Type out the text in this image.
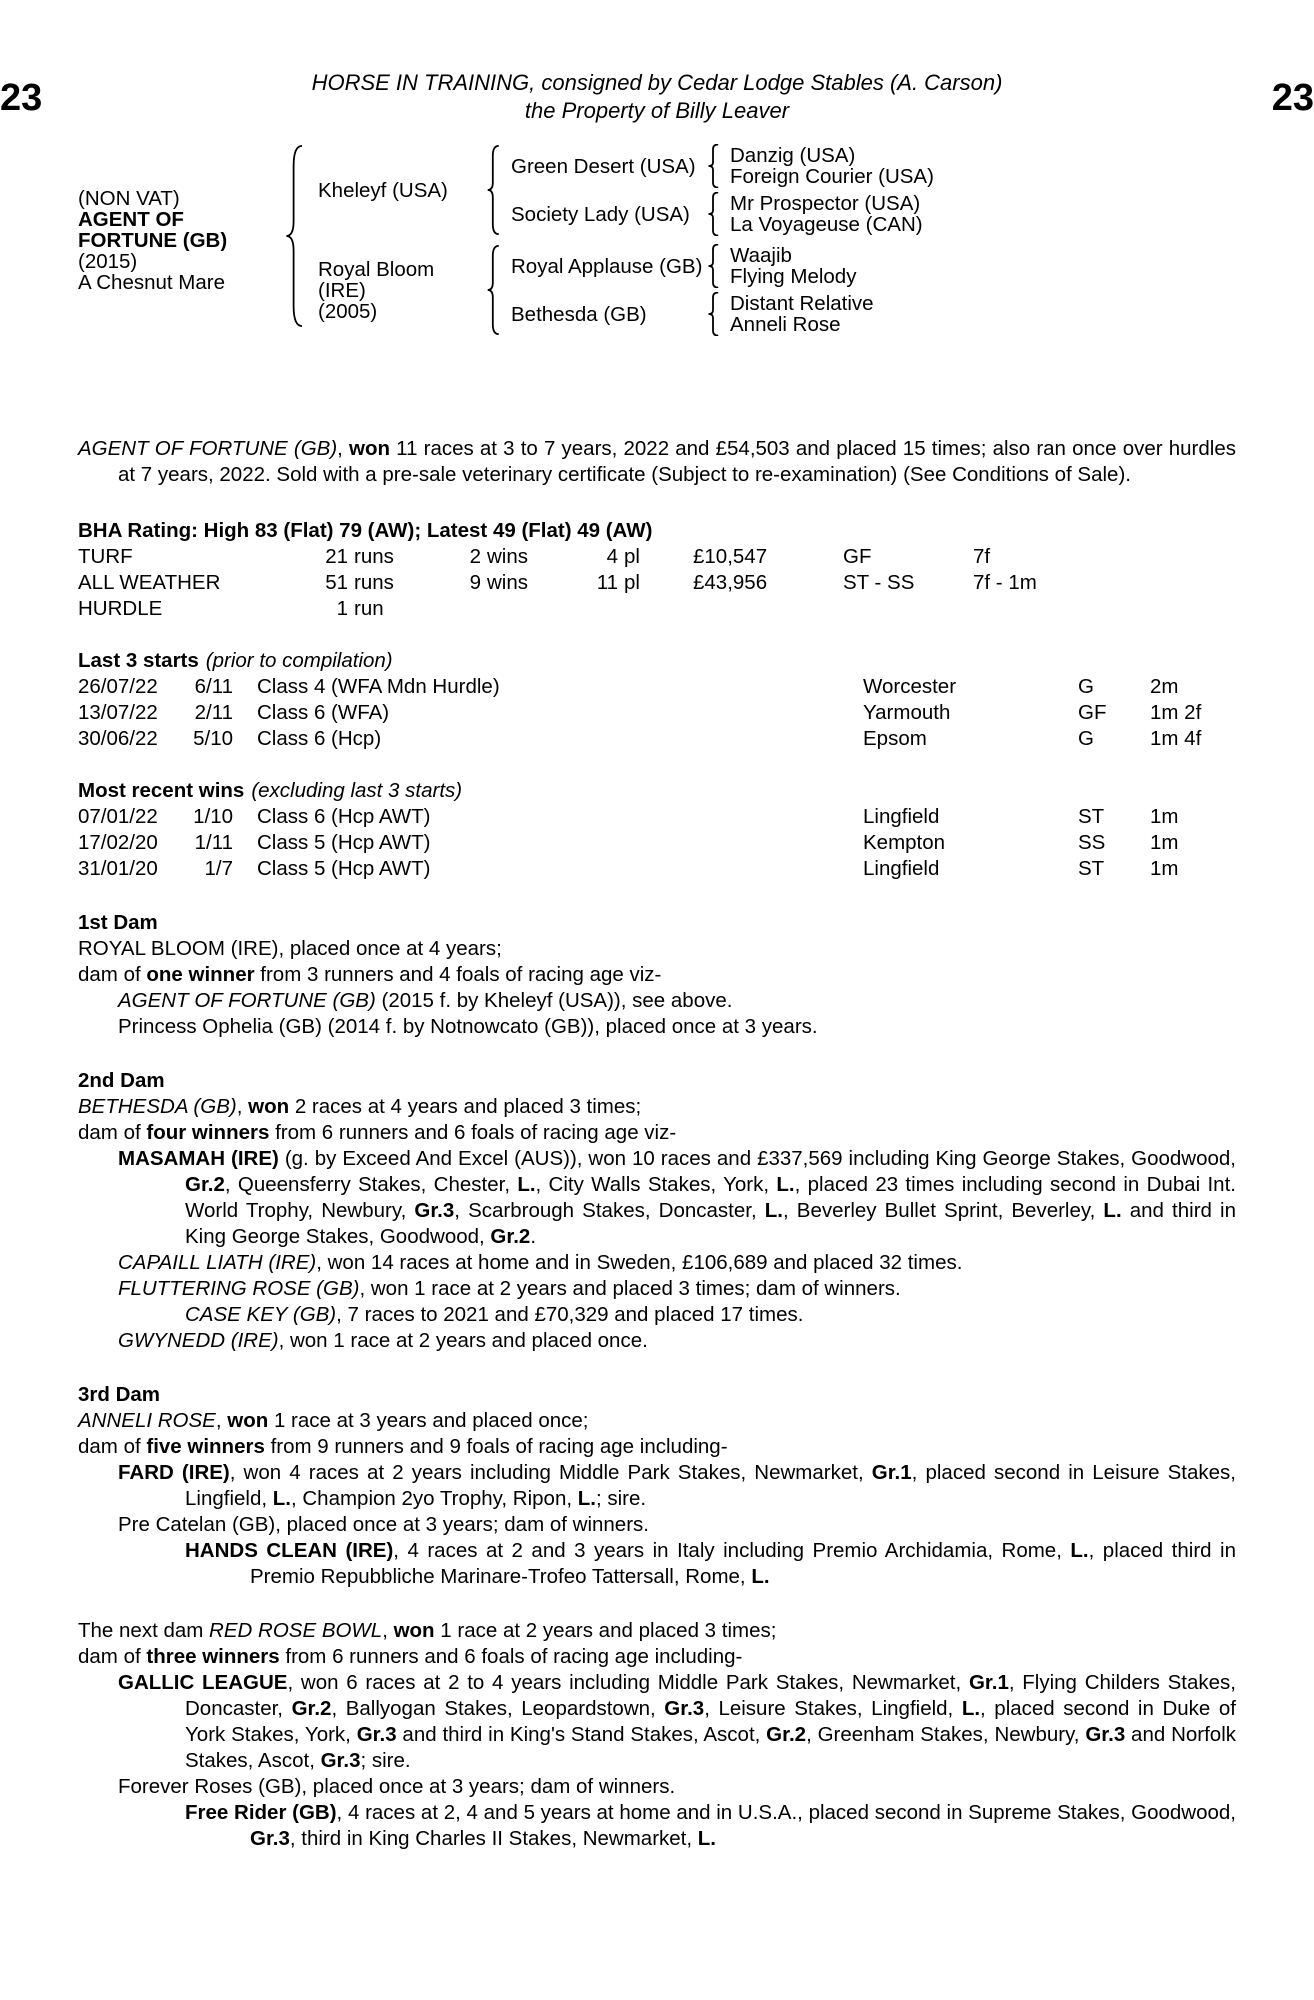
23	HORSE IN TRAINING, consigned by Cedar Lodge Stables (A. Carson)
the Property of Billy Leaver	23
(NON VAT)
AGENT OF
FORTUNE (GB)
(2015)
A Chesnut Mare
Kheleyf (USA)
Green Desert (USA)	Danzig (USA)
Foreign Courier (USA)
Society Lady (USA)	Mr Prospector (USA)
La Voyageuse (CAN)
Royal Bloom (IRE)
(2005)
Royal Applause (GB) Waajib
Flying Melody
Bethesda (GB)	Distant Relative
Anneli Rose
AGENT OF FORTUNE (GB), won 11 races at 3 to 7 years, 2022 and £54,503 and placed 15 times; also ran once over hurdles at 7 years, 2022. Sold with a pre-sale veterinary certificate (Subject to re-examination) (See Conditions of Sale).
BHA Rating: High 83 (Flat) 79 (AW); Latest 49 (Flat) 49 (AW)
TURF	21 runs	2 wins	4 pl	£10,547	GF	7f
ALL WEATHER	51 runs	9 wins	11 pl	£43,956	ST - SS	7f - 1m
HURDLE	1 run
Last 3 starts (prior to compilation)
26/07/22 6/11 Class 4 (WFA Mdn Hurdle)	Worcester	G	2m
13/07/22 2/11 Class 6 (WFA)	Yarmouth	GF 1m 2f
30/06/22 5/10 Class 6 (Hcp)	Epsom	G	1m 4f
Most recent wins (excluding last 3 starts)
07/01/22 1/10 Class 6 (Hcp AWT)	Lingfield	ST 1m
17/02/20 1/11 Class 5 (Hcp AWT)	Kempton	SS 1m
31/01/20 1/7 Class 5 (Hcp AWT)	Lingfield	ST 1m
1st Dam
ROYAL BLOOM (IRE), placed once at 4 years;
dam of one winner from 3 runners and 4 foals of racing age viz-
AGENT OF FORTUNE (GB) (2015 f. by Kheleyf (USA)), see above.
Princess Ophelia (GB) (2014 f. by Notnowcato (GB)), placed once at 3 years.
2nd Dam
BETHESDA (GB), won 2 races at 4 years and placed 3 times;
dam of four winners from 6 runners and 6 foals of racing age viz-
MASAMAH (IRE) (g. by Exceed And Excel (AUS)), won 10 races and £337,569 including King George Stakes, Goodwood, Gr.2, Queensferry Stakes, Chester, L., City Walls Stakes, York, L., placed 23 times including second in Dubai Int. World Trophy, Newbury, Gr.3, Scarbrough Stakes, Doncaster, L., Beverley Bullet Sprint, Beverley, L. and third in King George Stakes, Goodwood, Gr.2.
CAPAILL LIATH (IRE), won 14 races at home and in Sweden, £106,689 and placed 32 times.
FLUTTERING ROSE (GB), won 1 race at 2 years and placed 3 times; dam of winners.
CASE KEY (GB), 7 races to 2021 and £70,329 and placed 17 times.
GWYNEDD (IRE), won 1 race at 2 years and placed once.
3rd Dam
ANNELI ROSE, won 1 race at 3 years and placed once;
dam of five winners from 9 runners and 9 foals of racing age including-
FARD (IRE), won 4 races at 2 years including Middle Park Stakes, Newmarket, Gr.1, placed second in Leisure Stakes, Lingfield, L., Champion 2yo Trophy, Ripon, L.; sire.
Pre Catelan (GB), placed once at 3 years; dam of winners.
HANDS CLEAN (IRE), 4 races at 2 and 3 years in Italy including Premio Archidamia, Rome, L., placed third in Premio Repubbliche Marinare-Trofeo Tattersall, Rome, L.
The next dam RED ROSE BOWL, won 1 race at 2 years and placed 3 times;
dam of three winners from 6 runners and 6 foals of racing age including-
GALLIC LEAGUE, won 6 races at 2 to 4 years including Middle Park Stakes, Newmarket, Gr.1, Flying Childers Stakes, Doncaster, Gr.2, Ballyogan Stakes, Leopardstown, Gr.3, Leisure Stakes, Lingfield, L., placed second in Duke of York Stakes, York, Gr.3 and third in King's Stand Stakes, Ascot, Gr.2, Greenham Stakes, Newbury, Gr.3 and Norfolk Stakes, Ascot, Gr.3; sire.
Forever Roses (GB), placed once at 3 years; dam of winners.
Free Rider (GB), 4 races at 2, 4 and 5 years at home and in U.S.A., placed second in Supreme Stakes, Goodwood, Gr.3, third in King Charles II Stakes, Newmarket, L.
